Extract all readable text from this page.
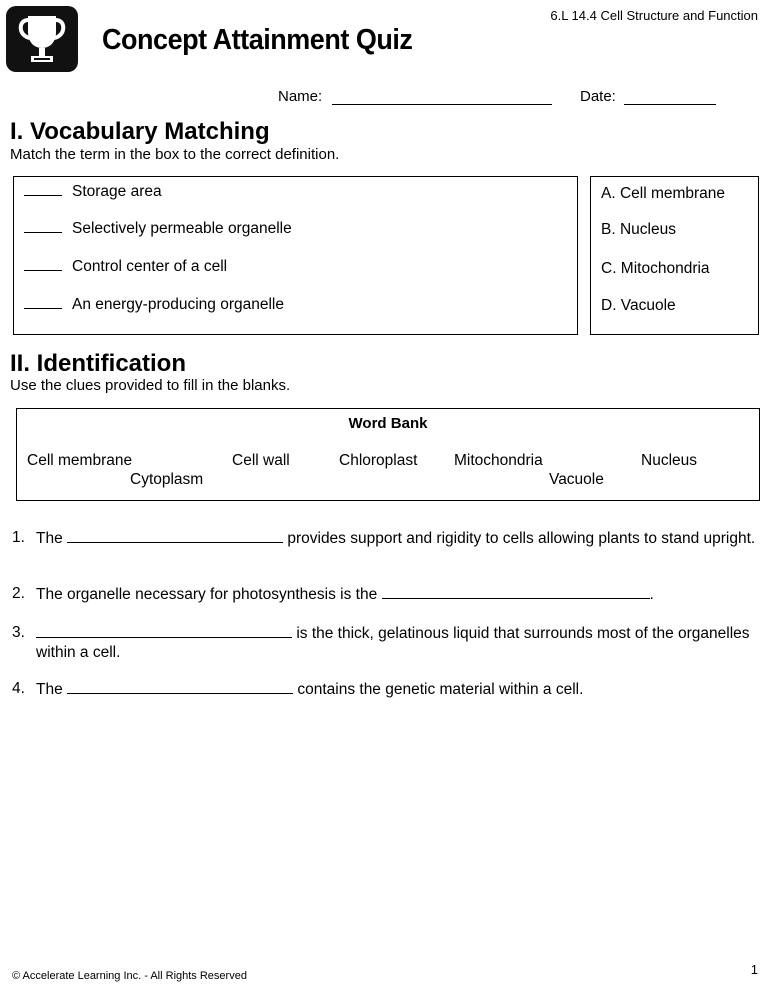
6.L 14.4 Cell Structure and Function
Concept Attainment Quiz
Name:	Date:
I. Vocabulary Matching
Match the term in the box to the correct definition.
Storage area
Selectively permeable organelle
Control center of a cell
An energy-producing organelle
A. Cell membrane
B. Nucleus
C. Mitochondria
D. Vacuole
II. Identification
Use the clues provided to fill in the blanks.
Word Bank
Cell membrane	Cell wall	Chloroplast Mitochondria	Nucleus
Cytoplasm	Vacuole
1. The	provides support and rigidity to cells allowing plants to stand upright.
2. The organelle necessary for photosynthesis is the	.
3.	is the thick, gelatinous liquid that surrounds most of the organelles within a cell.
4. The	contains the genetic material within a cell.
© Accelerate Learning Inc. - All Rights Reserved	1
